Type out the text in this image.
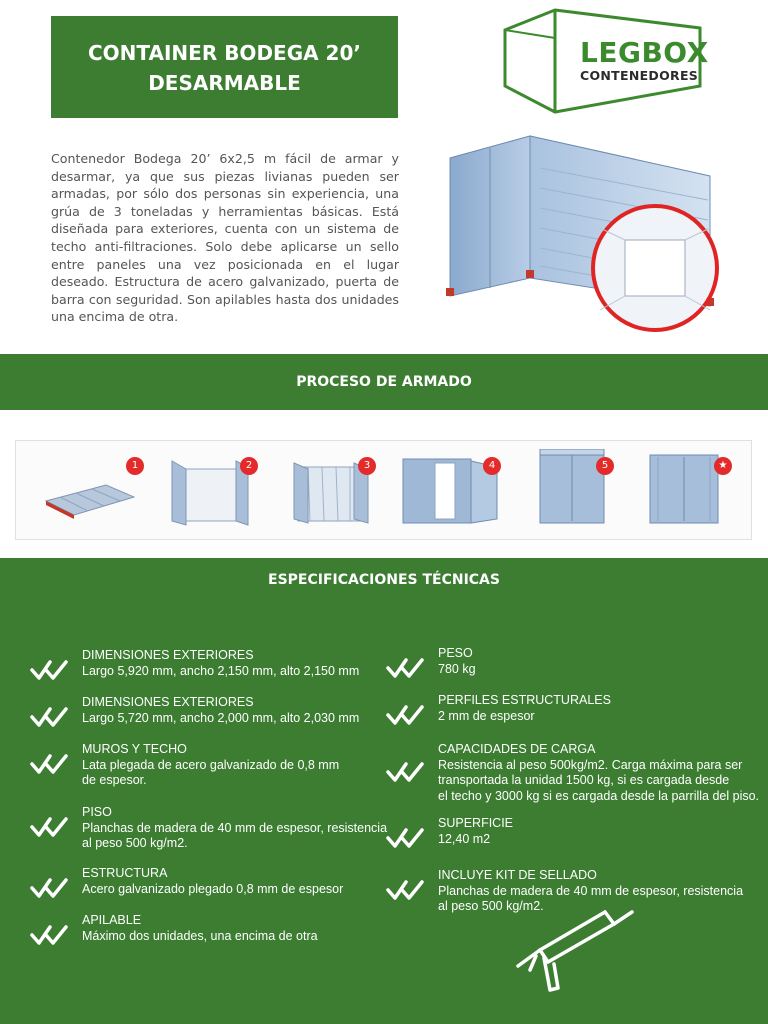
CONTAINER BODEGA 20’
DESARMABLE
LEGBOX
CONTENEDORES

Contenedor Bodega 20’ 6x2,5 m fácil de armar y desarmar, ya que sus piezas livianas pueden ser armadas, por sólo dos personas sin experiencia, una grúa de 3 toneladas y herramientas básicas. Está diseñada para exteriores, cuenta con un sistema de techo anti-filtraciones. Solo debe aplicarse un sello entre paneles una vez posicionada en el lugar deseado. Estructura de acero galvanizado, puerta de barra con seguridad. Son apilables hasta dos unidades una encima de otra.

PROCESO DE ARMADO
1	2	3	4	5	★
ESPECIFICACIONES TÉCNICAS
DIMENSIONES EXTERIORES
Largo 5,920 mm, ancho 2,150 mm, alto 2,150 mm
DIMENSIONES EXTERIORES
Largo 5,720 mm, ancho 2,000 mm, alto 2,030 mm
MUROS Y TECHO
Lata plegada de acero galvanizado de 0,8 mm
de espesor.
PISO
Planchas de madera de 40 mm de espesor, resistencia
al peso 500 kg/m2.
ESTRUCTURA
Acero galvanizado plegado 0,8 mm de espesor
APILABLE
Máximo dos unidades, una encima de otra
PESO
780 kg
PERFILES ESTRUCTURALES
2 mm de espesor
CAPACIDADES DE CARGA
Resistencia al peso 500kg/m2. Carga máxima para ser
transportada la unidad 1500 kg, si es cargada desde
el techo y 3000 kg si es cargada desde la parrilla del piso.
SUPERFICIE
12,40 m2
INCLUYE KIT DE SELLADO
Planchas de madera de 40 mm de espesor, resistencia
al peso 500 kg/m2.
